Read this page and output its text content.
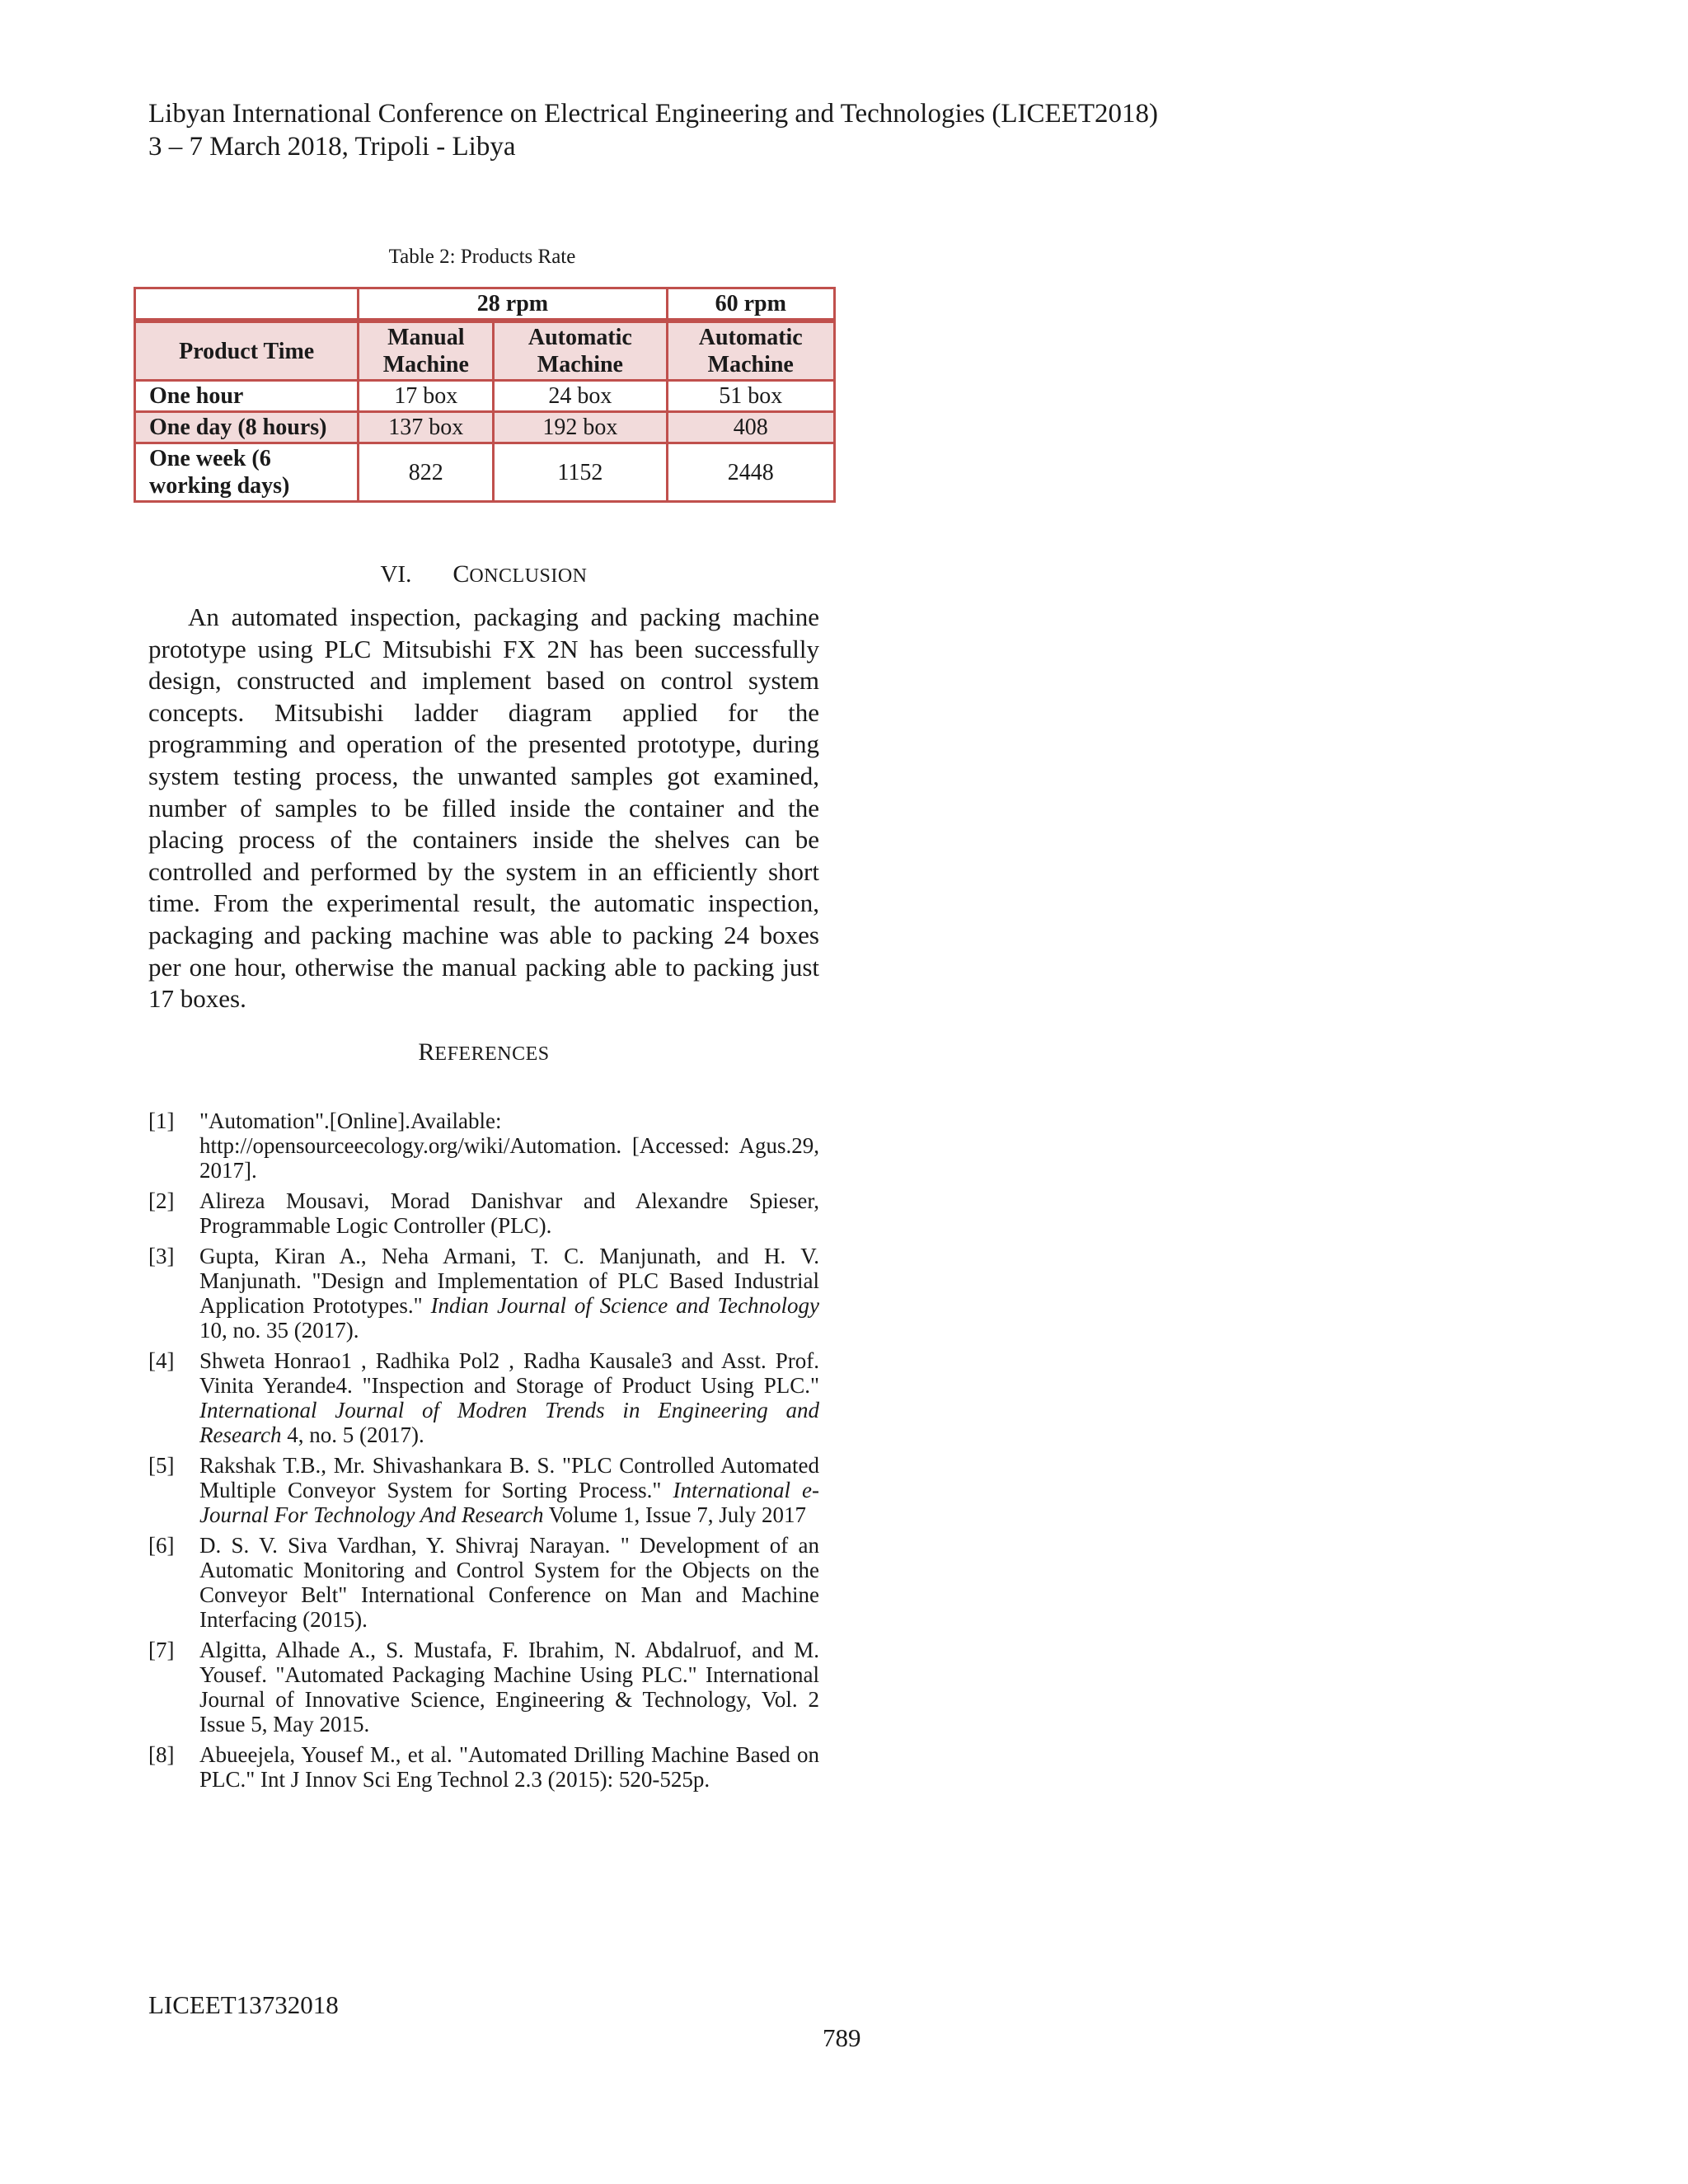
Libyan International Conference on Electrical Engineering and Technologies (LICEET2018)
3 – 7 March 2018, Tripoli - Libya
Table 2: Products Rate
	28 rpm		60 rpm
Product Time	Manual Machine	Automatic Machine	Automatic Machine
One hour	17 box	24 box	51 box
One day (8 hours)	137 box	192 box	408
One week (6 working days)	822	1152	2448
VI. CONCLUSION

An automated inspection, packaging and packing machine prototype using PLC Mitsubishi FX 2N has been successfully design, constructed and implement based on control system concepts. Mitsubishi ladder diagram applied for the programming and operation of the presented prototype, during system testing process, the unwanted samples got examined, number of samples to be filled inside the container and the placing process of the containers inside the shelves can be controlled and performed by the system in an efficiently short time. From the experimental result, the automatic inspection, packaging and packing machine was able to packing 24 boxes per one hour, otherwise the manual packing able to packing just 17 boxes.

REFERENCES
[1]	"Automation".[Online].Available: http://opensourceecology.org/wiki/Automation. [Accessed: Agus.29, 2017].
[2]	Alireza Mousavi, Morad Danishvar and Alexandre Spieser, Programmable Logic Controller (PLC).
[3]	Gupta, Kiran A., Neha Armani, T. C. Manjunath, and H. V. Manjunath. "Design and Implementation of PLC Based Industrial Application Prototypes." Indian Journal of Science and Technology 10, no. 35 (2017).
[4]	Shweta Honrao1 , Radhika Pol2 , Radha Kausale3 and Asst. Prof. Vinita Yerande4. "Inspection and Storage of Product Using PLC." International Journal of Modren Trends in Engineering and Research 4, no. 5 (2017).
[5]	Rakshak T.B., Mr. Shivashankara B. S. "PLC Controlled Automated Multiple Conveyor System for Sorting Process." International e-Journal For Technology And Research Volume 1, Issue 7, July 2017
[6]	D. S. V. Siva Vardhan, Y. Shivraj Narayan. " Development of an Automatic Monitoring and Control System for the Objects on the Conveyor Belt" International Conference on Man and Machine Interfacing (2015).
[7]	Algitta, Alhade A., S. Mustafa, F. Ibrahim, N. Abdalruof, and M. Yousef. "Automated Packaging Machine Using PLC." International Journal of Innovative Science, Engineering & Technology, Vol. 2 Issue 5, May 2015.
[8]	Abueejela, Yousef M., et al. "Automated Drilling Machine Based on PLC." Int J Innov Sci Eng Technol 2.3 (2015): 520-525p.
LICEET13732018
789
